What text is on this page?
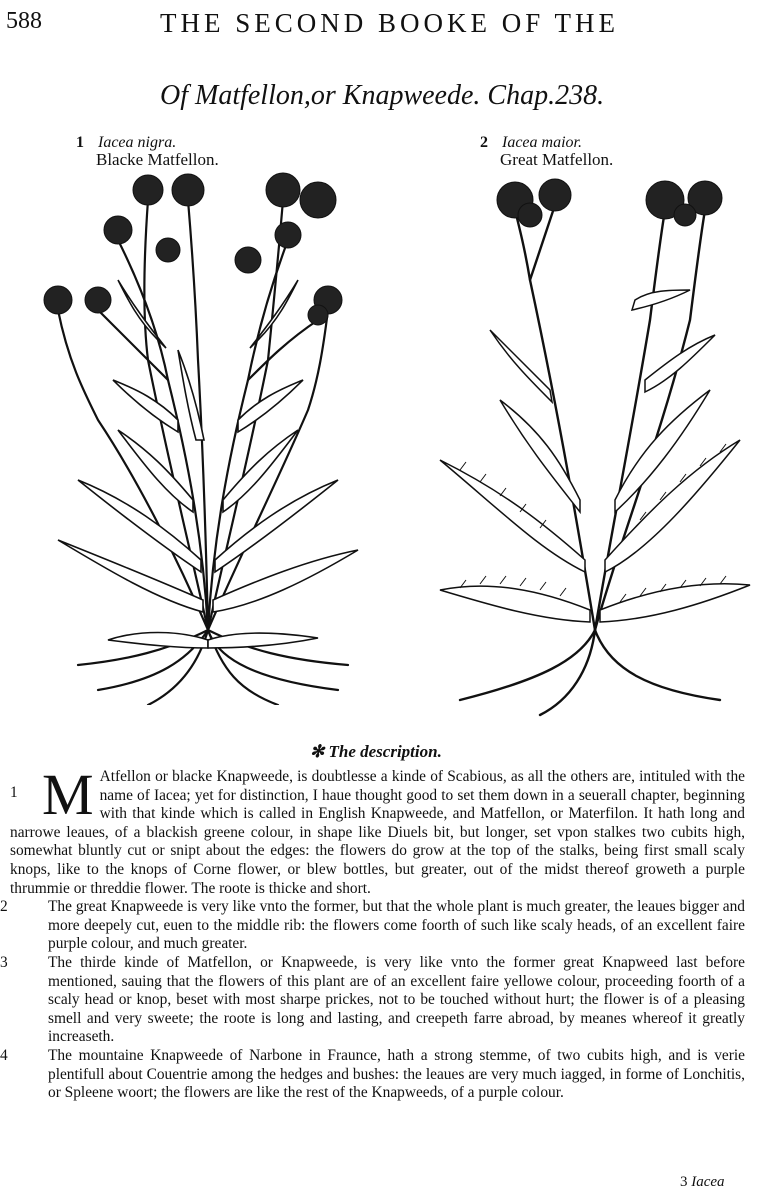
588	THE SECOND BOOKE OF THE
Of Matfellon,or Knapweede. Chap.238.
1 Iacea nigra.
Blacke Matfellon.
2 Iacea maior.
Great Matfellon.
✻ The description.

1 M Atfellon or blacke Knapweede, is doubtlesse a kinde of Scabious, as all the others are, intituled with the name of Iacea; yet for distinction, I haue thought good to set them down in a seuerall chapter, beginning with that kinde which is called in English Knapweede, and Matfellon, or Materfilon. It hath long and narrowe leaues, of a blackish greene colour, in shape like Diuels bit, but longer, set vpon stalkes two cubits high, somewhat bluntly cut or snipt about the edges: the flowers do grow at the top of the stalks, being first small scaly knops, like to the knops of Corne flower, or blew bottles, but greater, out of the midst thereof groweth a purple thrummie or threddie flower. The roote is thicke and short.

2	The great Knapweede is very like vnto the former, but that the whole plant is much greater, the leaues bigger and more deepely cut, euen to the middle rib: the flowers come foorth of such like scaly heads, of an excellent faire purple colour, and much greater.

3	The thirde kinde of Matfellon, or Knapweede, is very like vnto the former great Knapweed last before mentioned, sauing that the flowers of this plant are of an excellent faire yellowe colour, proceeding foorth of a scaly head or knop, beset with most sharpe prickes, not to be touched without hurt; the flower is of a pleasing smell and very sweete; the roote is long and lasting, and creepeth farre abroad, by meanes whereof it greatly increaseth.

4	The mountaine Knapweede of Narbone in Fraunce, hath a strong stemme, of two cubits high, and is verie plentifull about Couentrie among the hedges and bushes: the leaues are very much iagged, in forme of Lonchitis, or Spleene woort; the flowers are like the rest of the Knapweeds, of a purple colour.

3 Iacea
